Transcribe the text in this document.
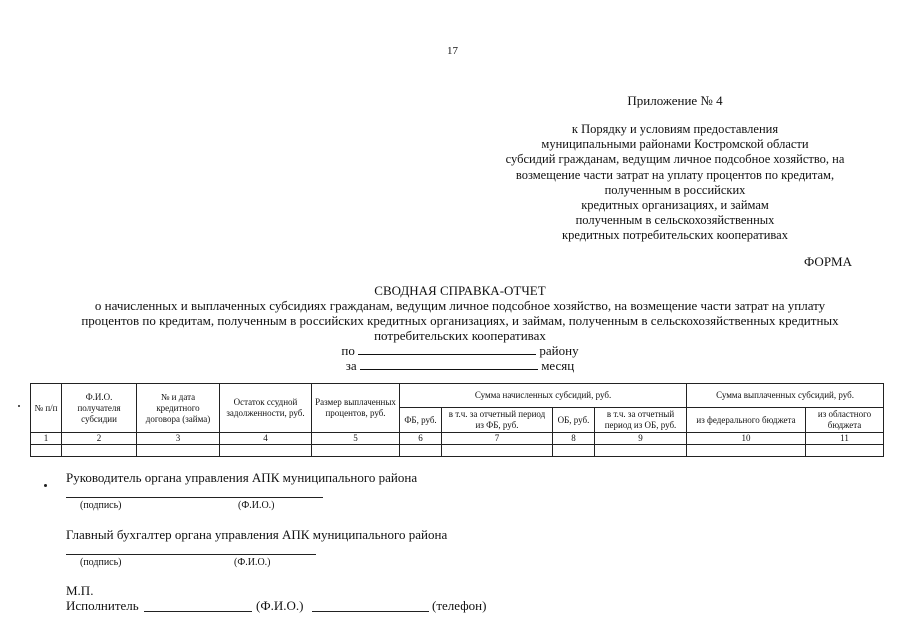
17
Приложение № 4
к Порядку и условиям предоставления
муниципальными районами Костромской области
субсидий гражданам, ведущим личное подсобное хозяйство, на
возмещение части затрат на уплату процентов по кредитам,
полученным в российских
кредитных организациях, и займам
полученным в сельскохозяйственных
кредитных потребительских кооперативах
ФОРМА
СВОДНАЯ СПРАВКА-ОТЧЕТ
о начисленных и выплаченных субсидиях гражданам, ведущим личное подсобное хозяйство, на возмещение части затрат на уплату
процентов по кредитам, полученным в российских кредитных организациях, и займам, полученным в сельскохозяйственных кредитных
потребительских кооперативах
по	району
за	месяц
№ п/п	Ф.И.О. получателя субсидии	№ и дата кредитного договора (займа)	Остаток ссудной задолженности, руб.	Размер выплаченных процентов, руб.	Сумма начисленных субсидий, руб.				Сумма выплаченных субсидий, руб.	
					ФБ, руб.	в т.ч. за отчетный период из ФБ, руб.	ОБ, руб.	в т.ч. за отчетный период из ОБ, руб.	из федерального бюджета	из областного бюджета
1	2	3	4	5	6	7	8	9	10	11

Руководитель органа управления АПК муниципального района
(подпись)	(Ф.И.О.)
Главный бухгалтер органа управления АПК муниципального района
(подпись)	(Ф.И.О.)
М.П.
Исполнитель	(Ф.И.О.)	(телефон)
